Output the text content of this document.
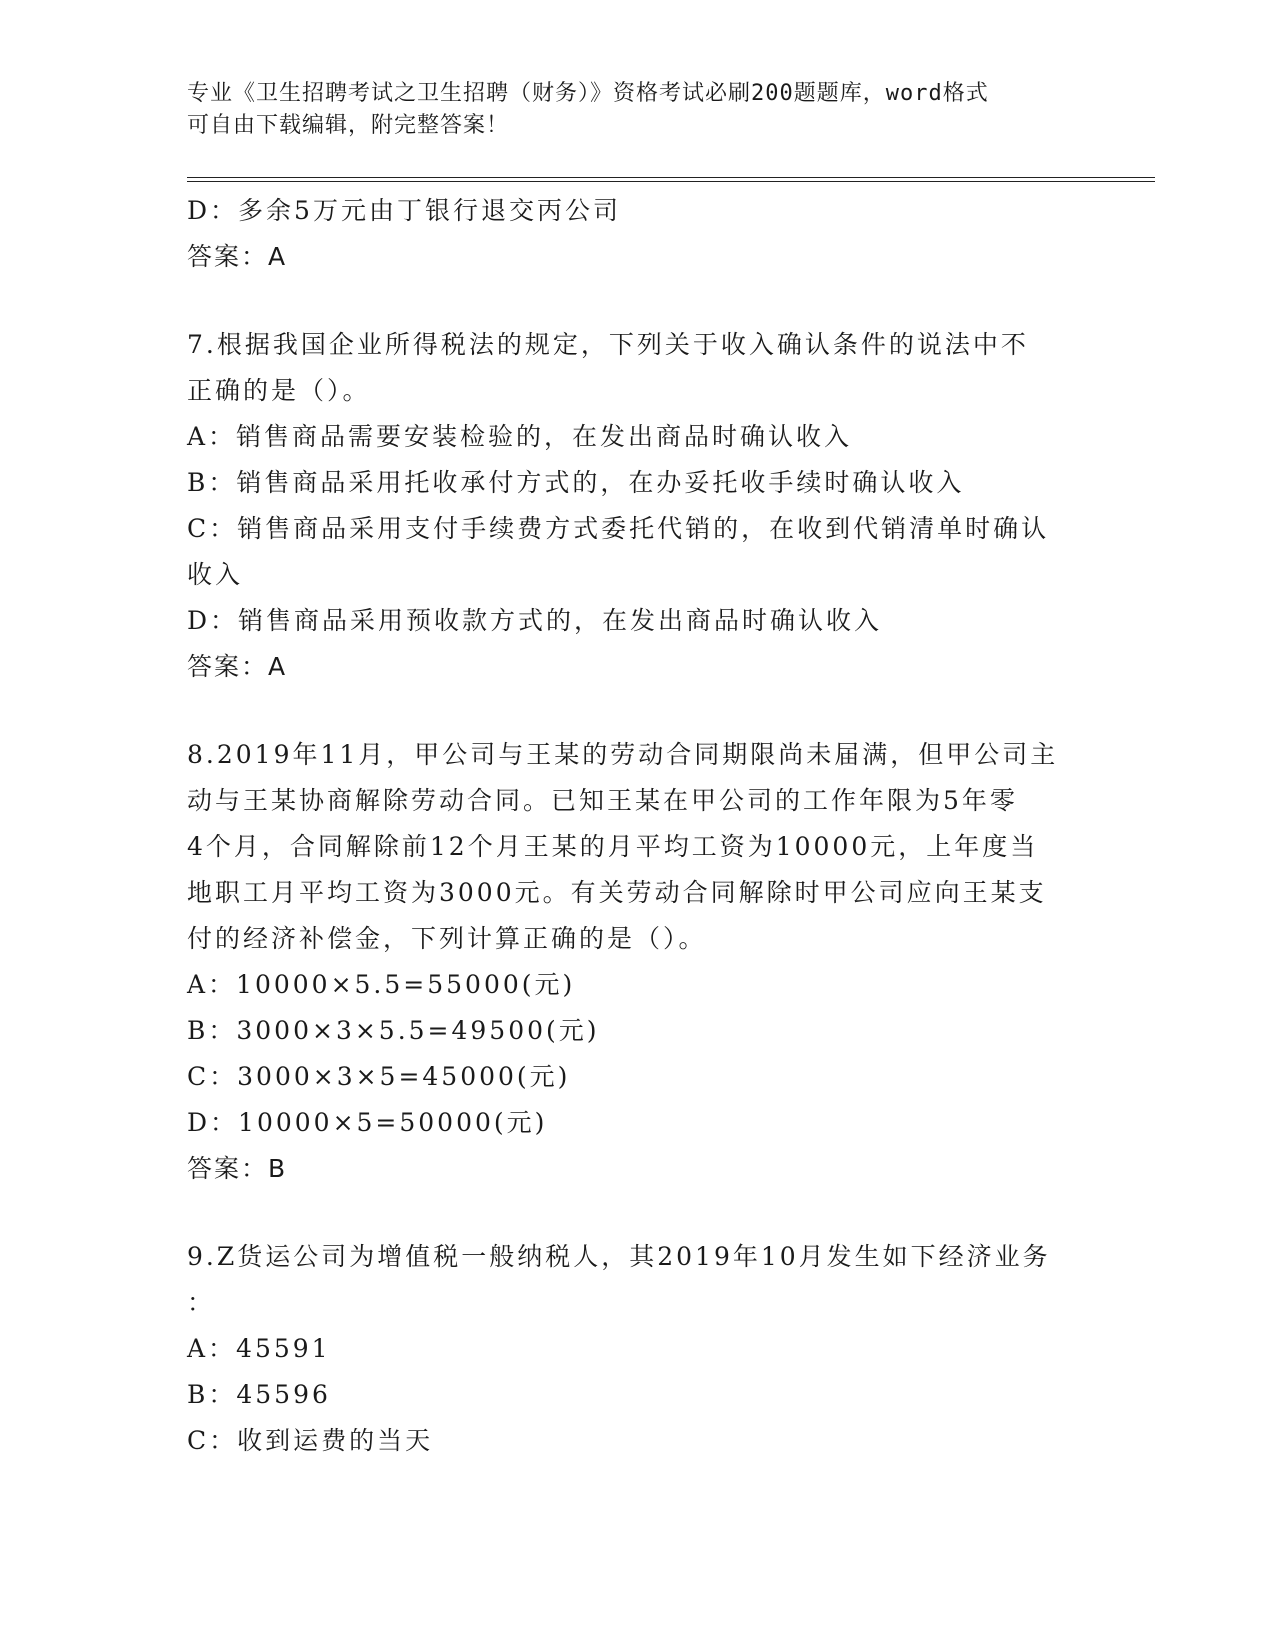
专业《卫生招聘考试之卫生招聘（财务）》资格考试必刷200题题库，word格式
可自由下载编辑，附完整答案！
D：多余5万元由丁银行退交丙公司
答案：A
7.根据我国企业所得税法的规定，下列关于收入确认条件的说法中不
正确的是（）。
A：销售商品需要安装检验的，在发出商品时确认收入
B：销售商品采用托收承付方式的，在办妥托收手续时确认收入
C：销售商品采用支付手续费方式委托代销的，在收到代销清单时确认
收入
D：销售商品采用预收款方式的，在发出商品时确认收入
答案：A
8.2019年11月，甲公司与王某的劳动合同期限尚未届满，但甲公司主
动与王某协商解除劳动合同。已知王某在甲公司的工作年限为5年零
4个月，合同解除前12个月王某的月平均工资为10000元，上年度当
地职工月平均工资为3000元。有关劳动合同解除时甲公司应向王某支
付的经济补偿金，下列计算正确的是（）。
A：10000×5.5=55000(元)
B：3000×3×5.5=49500(元)
C：3000×3×5=45000(元)
D：10000×5=50000(元)
答案：B
9.Z货运公司为增值税一般纳税人，其2019年10月发生如下经济业务
：
A：45591
B：45596
C：收到运费的当天
